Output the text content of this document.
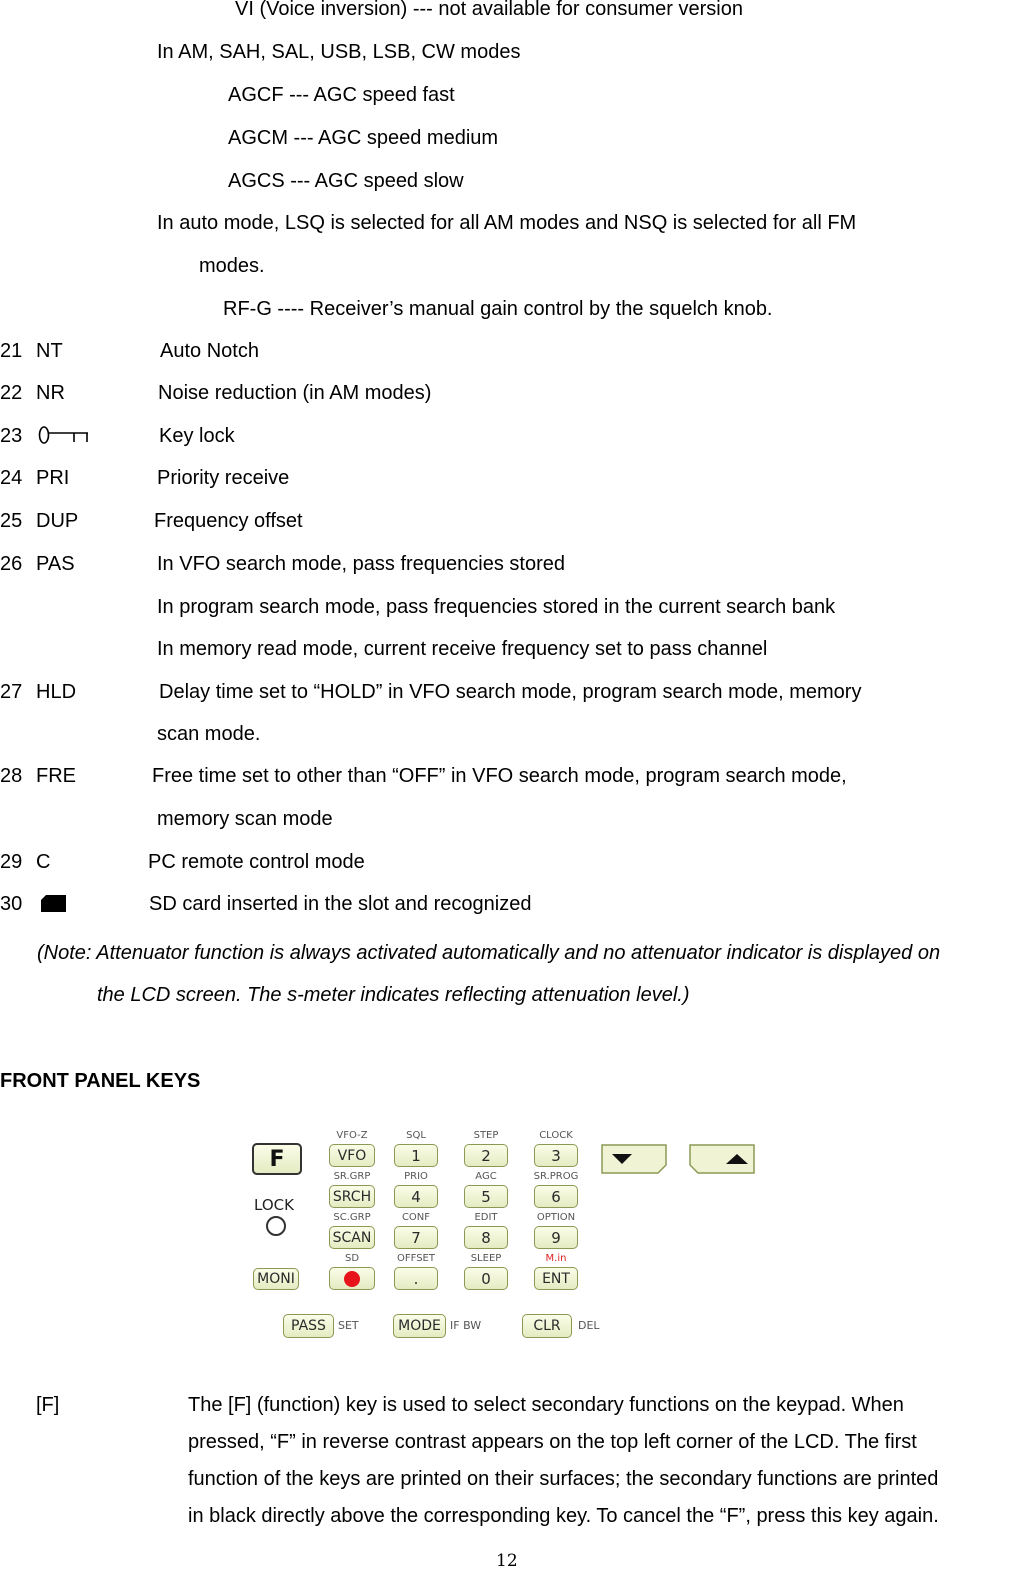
VI (Voice inversion) --- not available for consumer version
In AM, SAH, SAL, USB, LSB, CW modes
AGCF --- AGC speed fast
AGCM --- AGC speed medium
AGCS --- AGC speed slow
In auto mode, LSQ is selected for all AM modes and NSQ is selected for all FM
modes.
RF-G ---- Receiver’s manual gain control by the squelch knob.
21 NT	Auto Notch
22 NR	Noise reduction (in AM modes)
23	Key lock
24 PRI	Priority receive
25 DUP	Frequency offset
26 PAS	In VFO search mode, pass frequencies stored
In program search mode, pass frequencies stored in the current search bank
In memory read mode, current receive frequency set to pass channel
27 HLD	Delay time set to “HOLD” in VFO search mode, program search mode, memory
scan mode.
28 FRE	Free time set to other than “OFF” in VFO search mode, program search mode,
memory scan mode
29 C	PC remote control mode
30	SD card inserted in the slot and recognized
(Note: Attenuator function is always activated automatically and no attenuator indicator is displayed on
the LCD screen. The s-meter indicates reflecting attenuation level.)
FRONT PANEL KEYS
F
LOCK
MONI
VFO-Z
VFO
SQL
1
STEP
2
CLOCK
3
SR.GRP
SRCH
PRIO
4
AGC
5
SR.PROG
6
SC.GRP
SCAN
CONF
7
EDIT
8
OPTION
9
SD	OFFSET
.
SLEEP
0
M.in
ENT
PASS	SET	MODE IF BW	CLR	DEL
[F]	The [F] (function) key is used to select secondary functions on the keypad. When
pressed, “F” in reverse contrast appears on the top left corner of the LCD. The first
function of the keys are printed on their surfaces; the secondary functions are printed
in black directly above the corresponding key. To cancel the “F”, press this key again.
12
